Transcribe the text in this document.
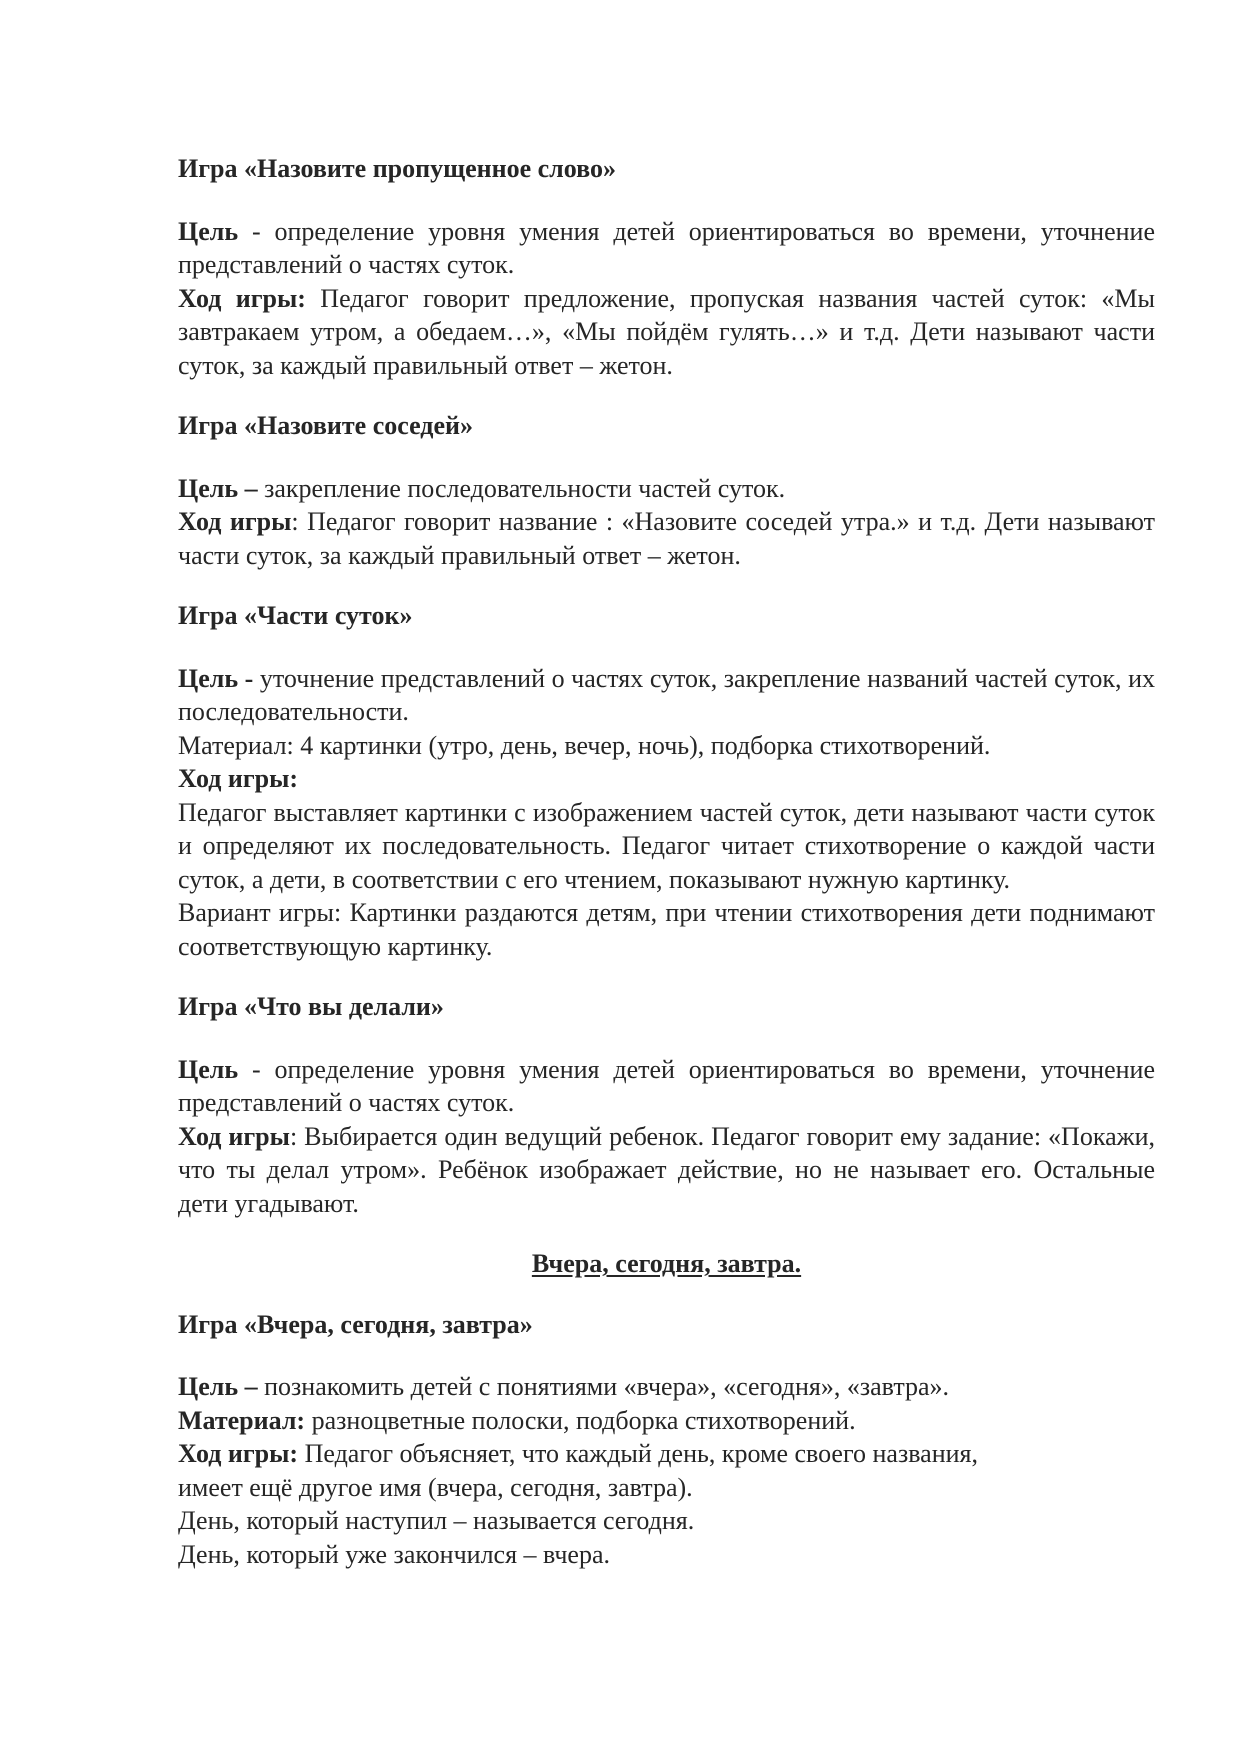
Игра «Назовите пропущенное слово»

Цель - определение уровня умения детей ориентироваться во времени, уточнение представлений о частях суток.

Ход игры: Педагог говорит предложение, пропуская названия частей суток: «Мы завтракаем утром, а обедаем…», «Мы пойдём гулять…» и т.д. Дети называют части суток, за каждый правильный ответ – жетон.

Игра «Назовите соседей»

Цель – закрепление последовательности частей суток.

Ход игры: Педагог говорит название : «Назовите соседей утра.» и т.д. Дети называют части суток, за каждый правильный ответ – жетон.

Игра «Части суток»

Цель - уточнение представлений о частях суток, закрепление названий частей суток, их последовательности.

Материал: 4 картинки (утро, день, вечер, ночь), подборка стихотворений.

Ход игры:

Педагог выставляет картинки с изображением частей суток, дети называют части суток и определяют их последовательность. Педагог читает стихотворение о каждой части суток, а дети, в соответствии с его чтением, показывают нужную картинку.

Вариант игры: Картинки раздаются детям, при чтении стихотворения дети поднимают соответствующую картинку.

Игра «Что вы делали»

Цель - определение уровня умения детей ориентироваться во времени, уточнение представлений о частях суток.

Ход игры: Выбирается один ведущий ребенок. Педагог говорит ему задание: «Покажи, что ты делал утром». Ребёнок изображает действие, но не называет его. Остальные дети угадывают.

Вчера, сегодня, завтра.

Игра «Вчера, сегодня, завтра»

Цель – познакомить детей с понятиями «вчера», «сегодня», «завтра».

Материал: разноцветные полоски, подборка стихотворений.

Ход игры: Педагог объясняет, что каждый день, кроме своего названия,

имеет ещё другое имя (вчера, сегодня, завтра).

День, который наступил – называется сегодня.

День, который уже закончился – вчера.
